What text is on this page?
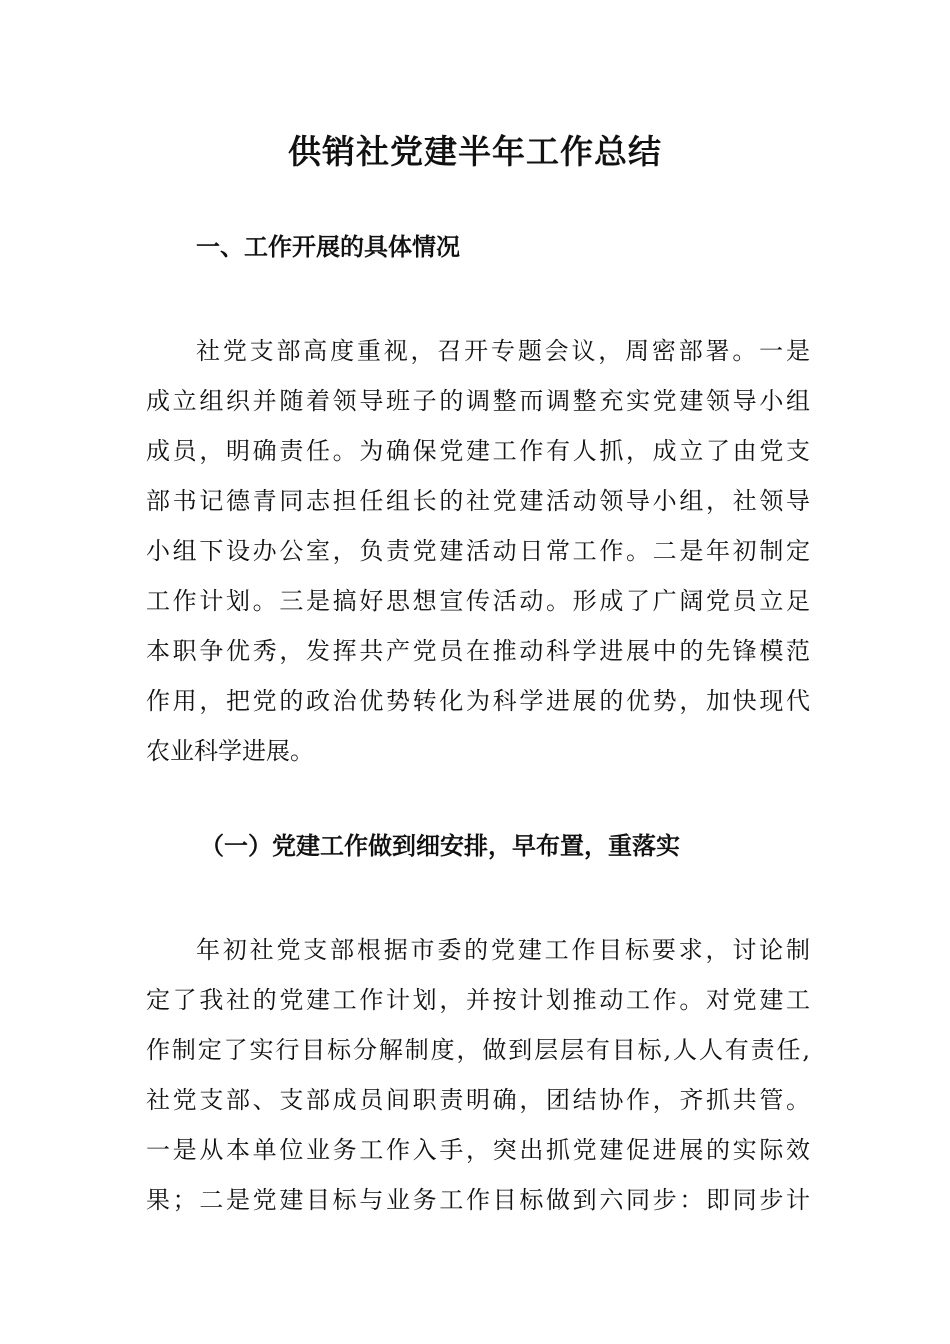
供销社党建半年工作总结
一、工作开展的具体情况
社党支部高度重视，召开专题会议，周密部署。一是
成立组织并随着领导班子的调整而调整充实党建领导小组
成员，明确责任。为确保党建工作有人抓，成立了由党支
部书记德青同志担任组长的社党建活动领导小组，社领导
小组下设办公室，负责党建活动日常工作。二是年初制定
工作计划。三是搞好思想宣传活动。形成了广阔党员立足
本职争优秀，发挥共产党员在推动科学进展中的先锋模范
作用，把党的政治优势转化为科学进展的优势，加快现代
农业科学进展。
（一）党建工作做到细安排，早布置，重落实
年初社党支部根据市委的党建工作目标要求，讨论制
定了我社的党建工作计划，并按计划推动工作。对党建工
作制定了实行目标分解制度，做到层层有目标,人人有责任,
社党支部、支部成员间职责明确，团结协作，齐抓共管。
一是从本单位业务工作入手，突出抓党建促进展的实际效
果；二是党建目标与业务工作目标做到六同步：即同步计
